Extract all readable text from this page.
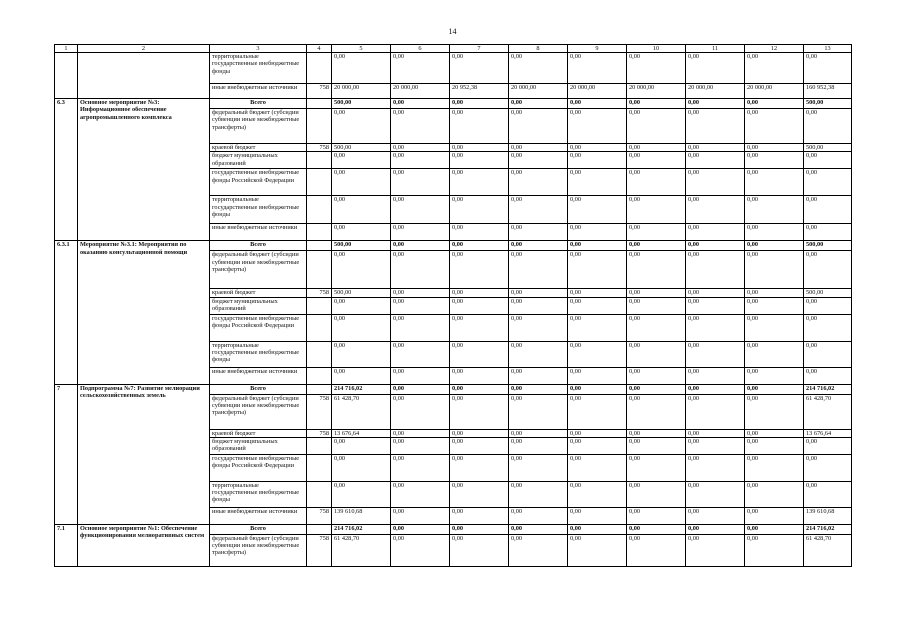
14
1	2	3	4	5	6	7	8	9	10	11	12	13
		территориальные государственные внебюджетные фонды		0,00	0,00	0,00	0,00	0,00	0,00	0,00	0,00	0,00
		иные внебюджетные источники	758	20 000,00	20 000,00	20 952,38	20 000,00	20 000,00	20 000,00	20 000,00	20 000,00	160 952,38
6.3	Основное мероприятие №3: Информационное обеспечение агропромышленного комплекса	Всего		500,00	0,00	0,00	0,00	0,00	0,00	0,00	0,00	500,00
		федеральный бюджет (субсидии субвенции иные межбюджетные трансферты)		0,00	0,00	0,00	0,00	0,00	0,00	0,00	0,00	0,00
		краевой бюджет	758	500,00	0,00	0,00	0,00	0,00	0,00	0,00	0,00	500,00
		бюджет муниципальных образований		0,00	0,00	0,00	0,00	0,00	0,00	0,00	0,00	0,00
		государственные внебюджетные фонды Российской Федерации		0,00	0,00	0,00	0,00	0,00	0,00	0,00	0,00	0,00
		территориальные государственные внебюджетные фонды		0,00	0,00	0,00	0,00	0,00	0,00	0,00	0,00	0,00
		иные внебюджетные источники		0,00	0,00	0,00	0,00	0,00	0,00	0,00	0,00	0,00
6.3.1	Мероприятие №3.1: Мероприятия по оказанию консультационной помощи	Всего		500,00	0,00	0,00	0,00	0,00	0,00	0,00	0,00	500,00
		федеральный бюджет (субсидии субвенции иные межбюджетные трансферты)		0,00	0,00	0,00	0,00	0,00	0,00	0,00	0,00	0,00
		краевой бюджет	758	500,00	0,00	0,00	0,00	0,00	0,00	0,00	0,00	500,00
		бюджет муниципальных образований		0,00	0,00	0,00	0,00	0,00	0,00	0,00	0,00	0,00
		государственные внебюджетные фонды Российской Федерации		0,00	0,00	0,00	0,00	0,00	0,00	0,00	0,00	0,00
		территориальные государственные внебюджетные фонды		0,00	0,00	0,00	0,00	0,00	0,00	0,00	0,00	0,00
		иные внебюджетные источники		0,00	0,00	0,00	0,00	0,00	0,00	0,00	0,00	0,00
7	Подпрограмма №7: Развитие мелиорации сельскохозяйственных земель	Всего		214 716,02	0,00	0,00	0,00	0,00	0,00	0,00	0,00	214 716,02
		федеральный бюджет (субсидии субвенции иные межбюджетные трансферты)	758	61 428,70	0,00	0,00	0,00	0,00	0,00	0,00	0,00	61 428,70
		краевой бюджет	758	13 676,64	0,00	0,00	0,00	0,00	0,00	0,00	0,00	13 676,64
		бюджет муниципальных образований		0,00	0,00	0,00	0,00	0,00	0,00	0,00	0,00	0,00
		государственные внебюджетные фонды Российской Федерации		0,00	0,00	0,00	0,00	0,00	0,00	0,00	0,00	0,00
		территориальные государственные внебюджетные фонды		0,00	0,00	0,00	0,00	0,00	0,00	0,00	0,00	0,00
		иные внебюджетные источники	758	139 610,68	0,00	0,00	0,00	0,00	0,00	0,00	0,00	139 610,68
7.1	Основное мероприятие №1: Обеспечение функционирования мелиоративных систем	Всего		214 716,02	0,00	0,00	0,00	0,00	0,00	0,00	0,00	214 716,02
		федеральный бюджет (субсидии субвенции иные межбюджетные трансферты)	758	61 428,70	0,00	0,00	0,00	0,00	0,00	0,00	0,00	61 428,70
